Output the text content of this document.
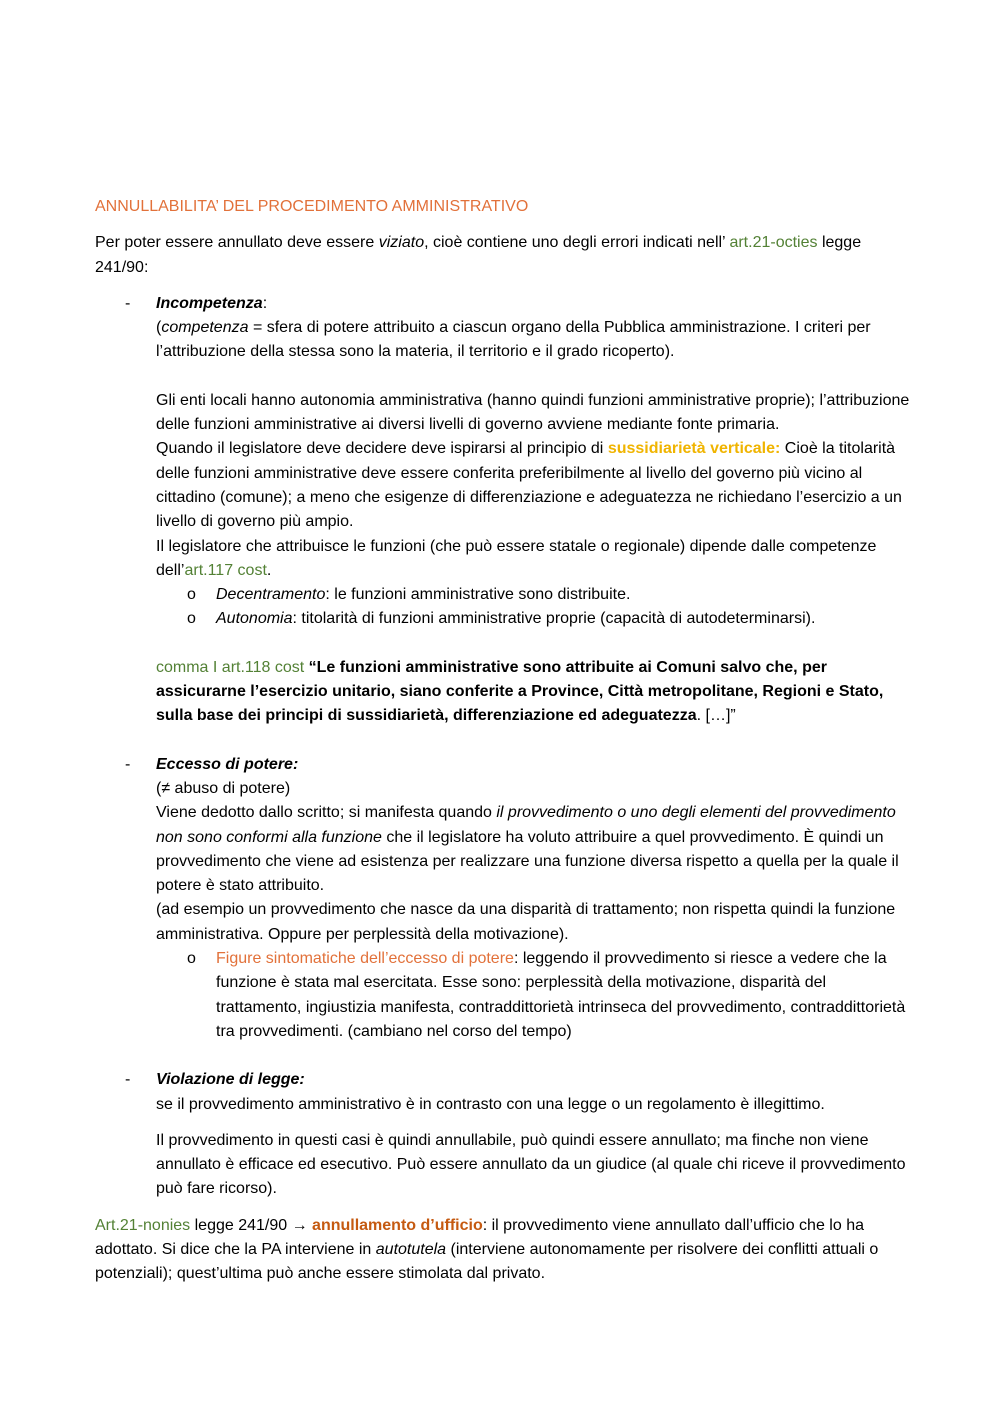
ANNULLABILITA’ DEL PROCEDIMENTO AMMINISTRATIVO

Per poter essere annullato deve essere viziato, cioè contiene uno degli errori indicati nell’ art.21-octies legge 241/90:

- Incompetenza:

(competenza = sfera di potere attribuito a ciascun organo della Pubblica amministrazione. I criteri per l’attribuzione della stessa sono la materia, il territorio e il grado ricoperto).

Gli enti locali hanno autonomia amministrativa (hanno quindi funzioni amministrative proprie); l’attribuzione delle funzioni amministrative ai diversi livelli di governo avviene mediante fonte primaria.

Quando il legislatore deve decidere deve ispirarsi al principio di sussidiarietà verticale: Cioè la titolarità delle funzioni amministrative deve essere conferita preferibilmente al livello del governo più vicino al cittadino (comune); a meno che esigenze di differenziazione e adeguatezza ne richiedano l’esercizio a un livello di governo più ampio.

Il legislatore che attribuisce le funzioni (che può essere statale o regionale) dipende dalle competenze dell’art.117 cost.

o Decentramento: le funzioni amministrative sono distribuite.

o Autonomia: titolarità di funzioni amministrative proprie (capacità di autodeterminarsi).

comma I art.118 cost “Le funzioni amministrative sono attribuite ai Comuni salvo che, per assicurarne l’esercizio unitario, siano conferite a Province, Città metropolitane, Regioni e Stato, sulla base dei principi di sussidiarietà, differenziazione ed adeguatezza. […]”

- Eccesso di potere:

(≠ abuso di potere)

Viene dedotto dallo scritto; si manifesta quando il provvedimento o uno degli elementi del provvedimento non sono conformi alla funzione che il legislatore ha voluto attribuire a quel provvedimento. È quindi un provvedimento che viene ad esistenza per realizzare una funzione diversa rispetto a quella per la quale il potere è stato attribuito.

(ad esempio un provvedimento che nasce da una disparità di trattamento; non rispetta quindi la funzione amministrativa. Oppure per perplessità della motivazione).

o Figure sintomatiche dell’eccesso di potere: leggendo il provvedimento si riesce a vedere che la funzione è stata mal esercitata. Esse sono: perplessità della motivazione, disparità del trattamento, ingiustizia manifesta, contraddittorietà intrinseca del provvedimento, contraddittorietà tra provvedimenti. (cambiano nel corso del tempo)

- Violazione di legge:

se il provvedimento amministrativo è in contrasto con una legge o un regolamento è illegittimo.

Il provvedimento in questi casi è quindi annullabile, può quindi essere annullato; ma finche non viene annullato è efficace ed esecutivo. Può essere annullato da un giudice (al quale chi riceve il provvedimento può fare ricorso).

Art.21-nonies legge 241/90 → annullamento d’ufficio: il provvedimento viene annullato dall’ufficio che lo ha adottato. Si dice che la PA interviene in autotutela (interviene autonomamente per risolvere dei conflitti attuali o potenziali); quest’ultima può anche essere stimolata dal privato.
